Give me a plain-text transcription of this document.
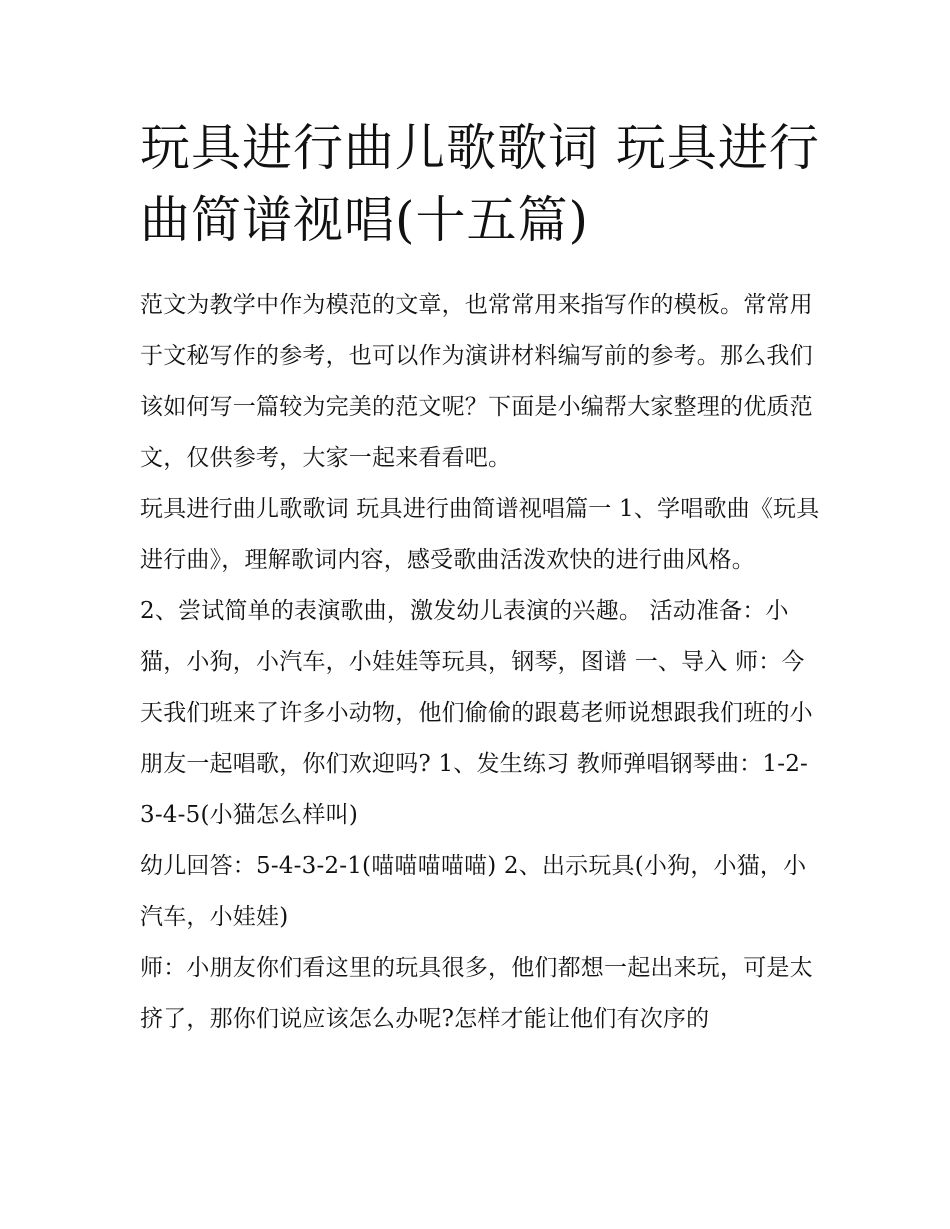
玩具进行曲儿歌歌词 玩具进行曲简谱视唱(十五篇)

范文为教学中作为模范的文章，也常常用来指写作的模板。常常用于文秘写作的参考，也可以作为演讲材料编写前的参考。那么我们该如何写一篇较为完美的范文呢？下面是小编帮大家整理的优质范文，仅供参考，大家一起来看看吧。

玩具进行曲儿歌歌词 玩具进行曲简谱视唱篇一 1、学唱歌曲《玩具进行曲》，理解歌词内容，感受歌曲活泼欢快的进行曲风格。

2、尝试简单的表演歌曲，激发幼儿表演的兴趣。 活动准备：小猫，小狗，小汽车，小娃娃等玩具，钢琴，图谱 一、导入 师：今天我们班来了许多小动物，他们偷偷的跟葛老师说想跟我们班的小朋友一起唱歌，你们欢迎吗? 1、发生练习 教师弹唱钢琴曲：1-2-3-4-5(小猫怎么样叫)

幼儿回答：5-4-3-2-1(喵喵喵喵喵) 2、出示玩具(小狗，小猫，小汽车，小娃娃)

师：小朋友你们看这里的玩具很多，他们都想一起出来玩，可是太挤了，那你们说应该怎么办呢?怎样才能让他们有次序的
